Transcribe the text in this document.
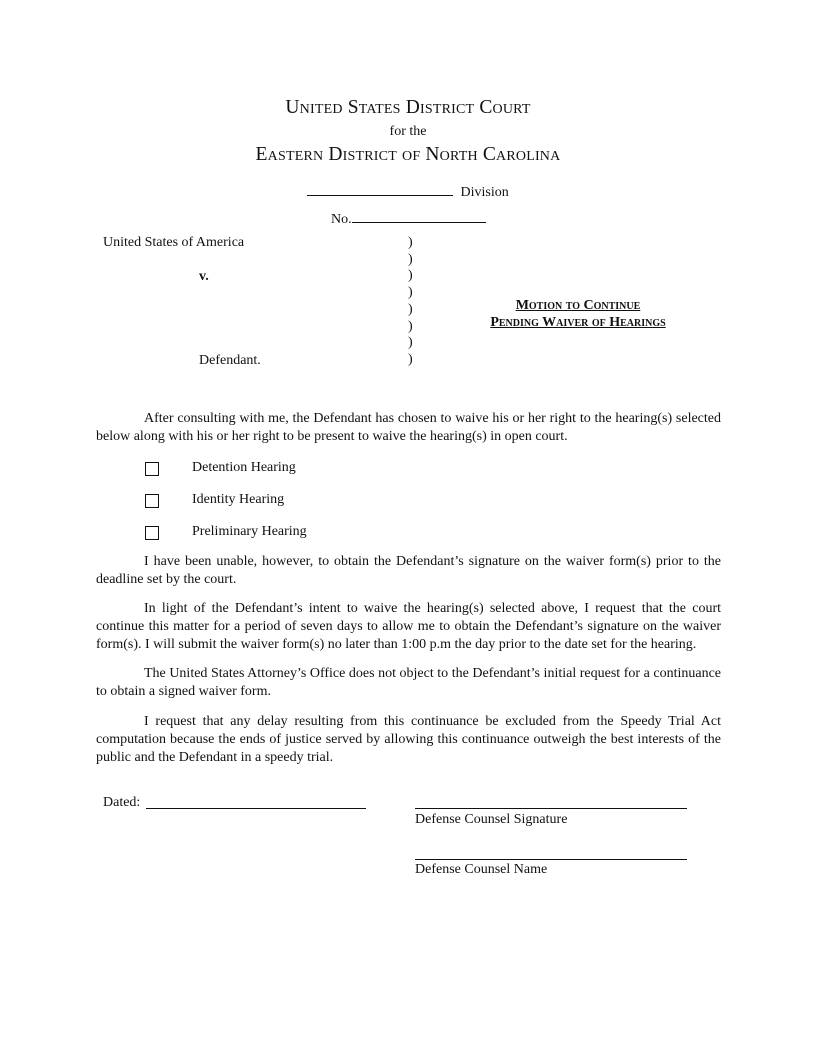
United States District Court
for the
Eastern District of North Carolina
Division
No.
United States of America
v.
Defendant.
)
)
)
)
)
)
)
)
Motion to Continue
Pending Waiver of Hearings
After consulting with me, the Defendant has chosen to waive his or her right to the hearing(s) selected below along with his or her right to be present to waive the hearing(s) in open court.
Detention Hearing
Identity Hearing
Preliminary Hearing
I have been unable, however, to obtain the Defendant’s signature on the waiver form(s) prior to the deadline set by the court.
In light of the Defendant’s intent to waive the hearing(s) selected above, I request that the court continue this matter for a period of seven days to allow me to obtain the Defendant’s signature on the waiver form(s). I will submit the waiver form(s) no later than 1:00 p.m the day prior to the date set for the hearing.
The United States Attorney’s Office does not object to the Defendant’s initial request for a continuance to obtain a signed waiver form.
I request that any delay resulting from this continuance be excluded from the Speedy Trial Act computation because the ends of justice served by allowing this continuance outweigh the best interests of the public and the Defendant in a speedy trial.
Dated:
Defense Counsel Signature
Defense Counsel Name
